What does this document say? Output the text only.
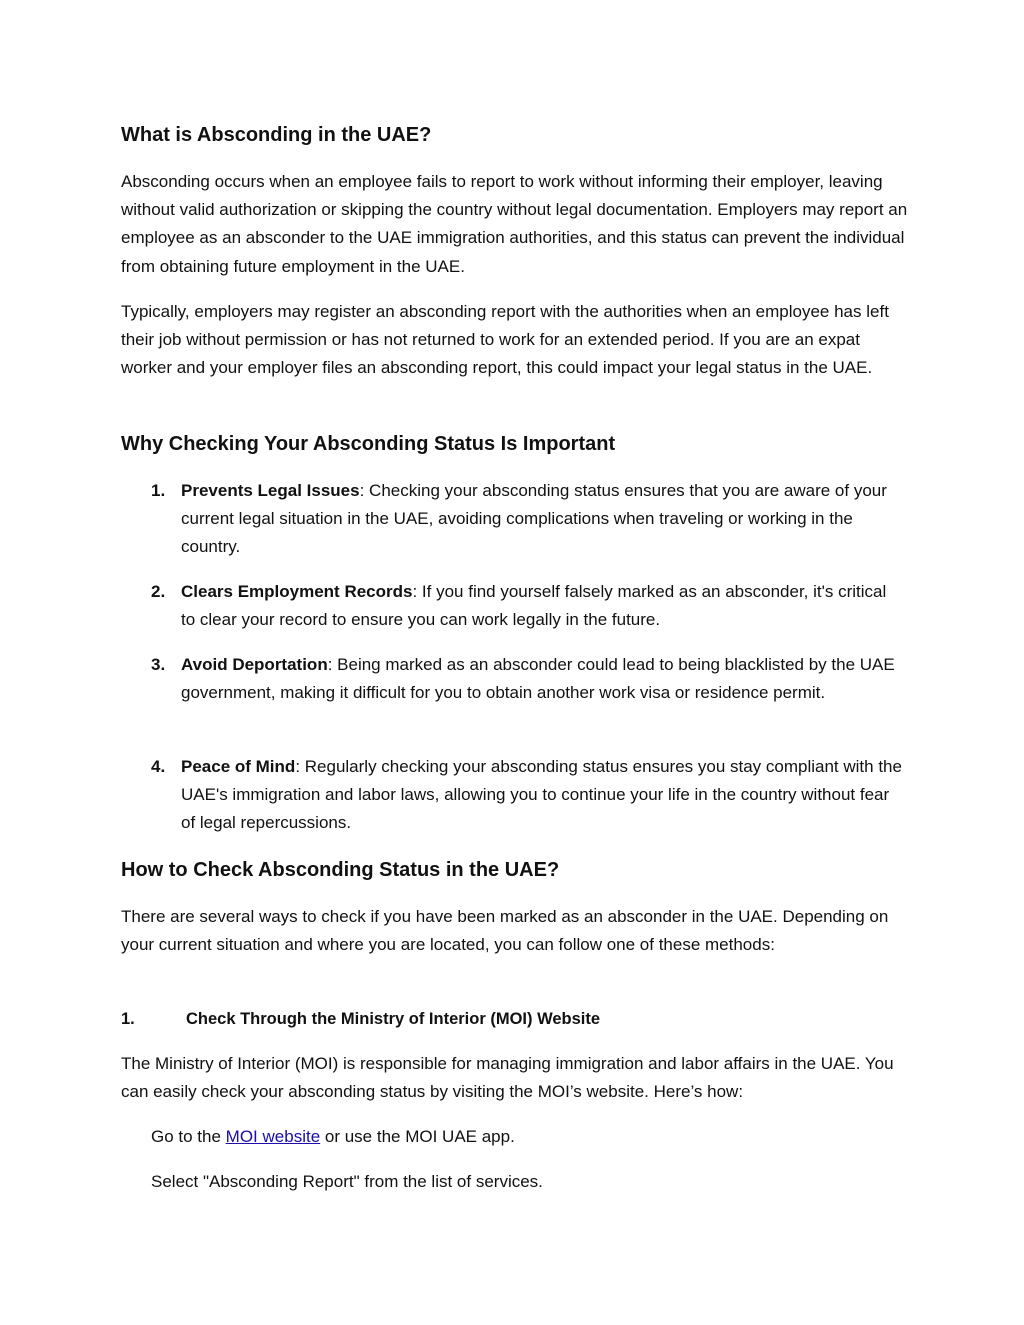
What is Absconding in the UAE?

Absconding occurs when an employee fails to report to work without informing their employer, leaving without valid authorization or skipping the country without legal documentation. Employers may report an employee as an absconder to the UAE immigration authorities, and this status can prevent the individual from obtaining future employment in the UAE.

Typically, employers may register an absconding report with the authorities when an employee has left their job without permission or has not returned to work for an extended period. If you are an expat worker and your employer files an absconding report, this could impact your legal status in the UAE.

Why Checking Your Absconding Status Is Important
1. Prevents Legal Issues: Checking your absconding status ensures that you are aware of your current legal situation in the UAE, avoiding complications when traveling or working in the country.
2. Clears Employment Records: If you find yourself falsely marked as an absconder, it's critical to clear your record to ensure you can work legally in the future.
3. Avoid Deportation: Being marked as an absconder could lead to being blacklisted by the UAE government, making it difficult for you to obtain another work visa or residence permit.
4. Peace of Mind: Regularly checking your absconding status ensures you stay compliant with the UAE's immigration and labor laws, allowing you to continue your life in the country without fear of legal repercussions.
How to Check Absconding Status in the UAE?

There are several ways to check if you have been marked as an absconder in the UAE. Depending on your current situation and where you are located, you can follow one of these methods:

1.	Check Through the Ministry of Interior (MOI) Website

The Ministry of Interior (MOI) is responsible for managing immigration and labor affairs in the UAE. You can easily check your absconding status by visiting the MOI’s website. Here’s how:

Go to the MOI website or use the MOI UAE app.
Select "Absconding Report" from the list of services.
